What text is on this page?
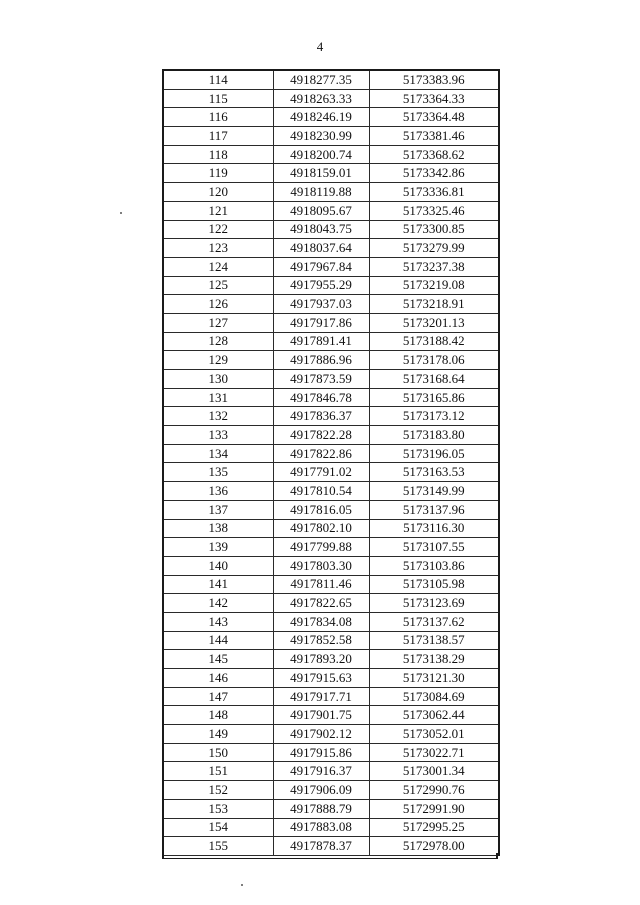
4
114	4918277.35	5173383.96
115	4918263.33	5173364.33
116	4918246.19	5173364.48
117	4918230.99	5173381.46
118	4918200.74	5173368.62
119	4918159.01	5173342.86
120	4918119.88	5173336.81
121	4918095.67	5173325.46
122	4918043.75	5173300.85
123	4918037.64	5173279.99
124	4917967.84	5173237.38
125	4917955.29	5173219.08
126	4917937.03	5173218.91
127	4917917.86	5173201.13
128	4917891.41	5173188.42
129	4917886.96	5173178.06
130	4917873.59	5173168.64
131	4917846.78	5173165.86
132	4917836.37	5173173.12
133	4917822.28	5173183.80
134	4917822.86	5173196.05
135	4917791.02	5173163.53
136	4917810.54	5173149.99
137	4917816.05	5173137.96
138	4917802.10	5173116.30
139	4917799.88	5173107.55
140	4917803.30	5173103.86
141	4917811.46	5173105.98
142	4917822.65	5173123.69
143	4917834.08	5173137.62
144	4917852.58	5173138.57
145	4917893.20	5173138.29
146	4917915.63	5173121.30
147	4917917.71	5173084.69
148	4917901.75	5173062.44
149	4917902.12	5173052.01
150	4917915.86	5173022.71
151	4917916.37	5173001.34
152	4917906.09	5172990.76
153	4917888.79	5172991.90
154	4917883.08	5172995.25
155	4917878.37	5172978.00
